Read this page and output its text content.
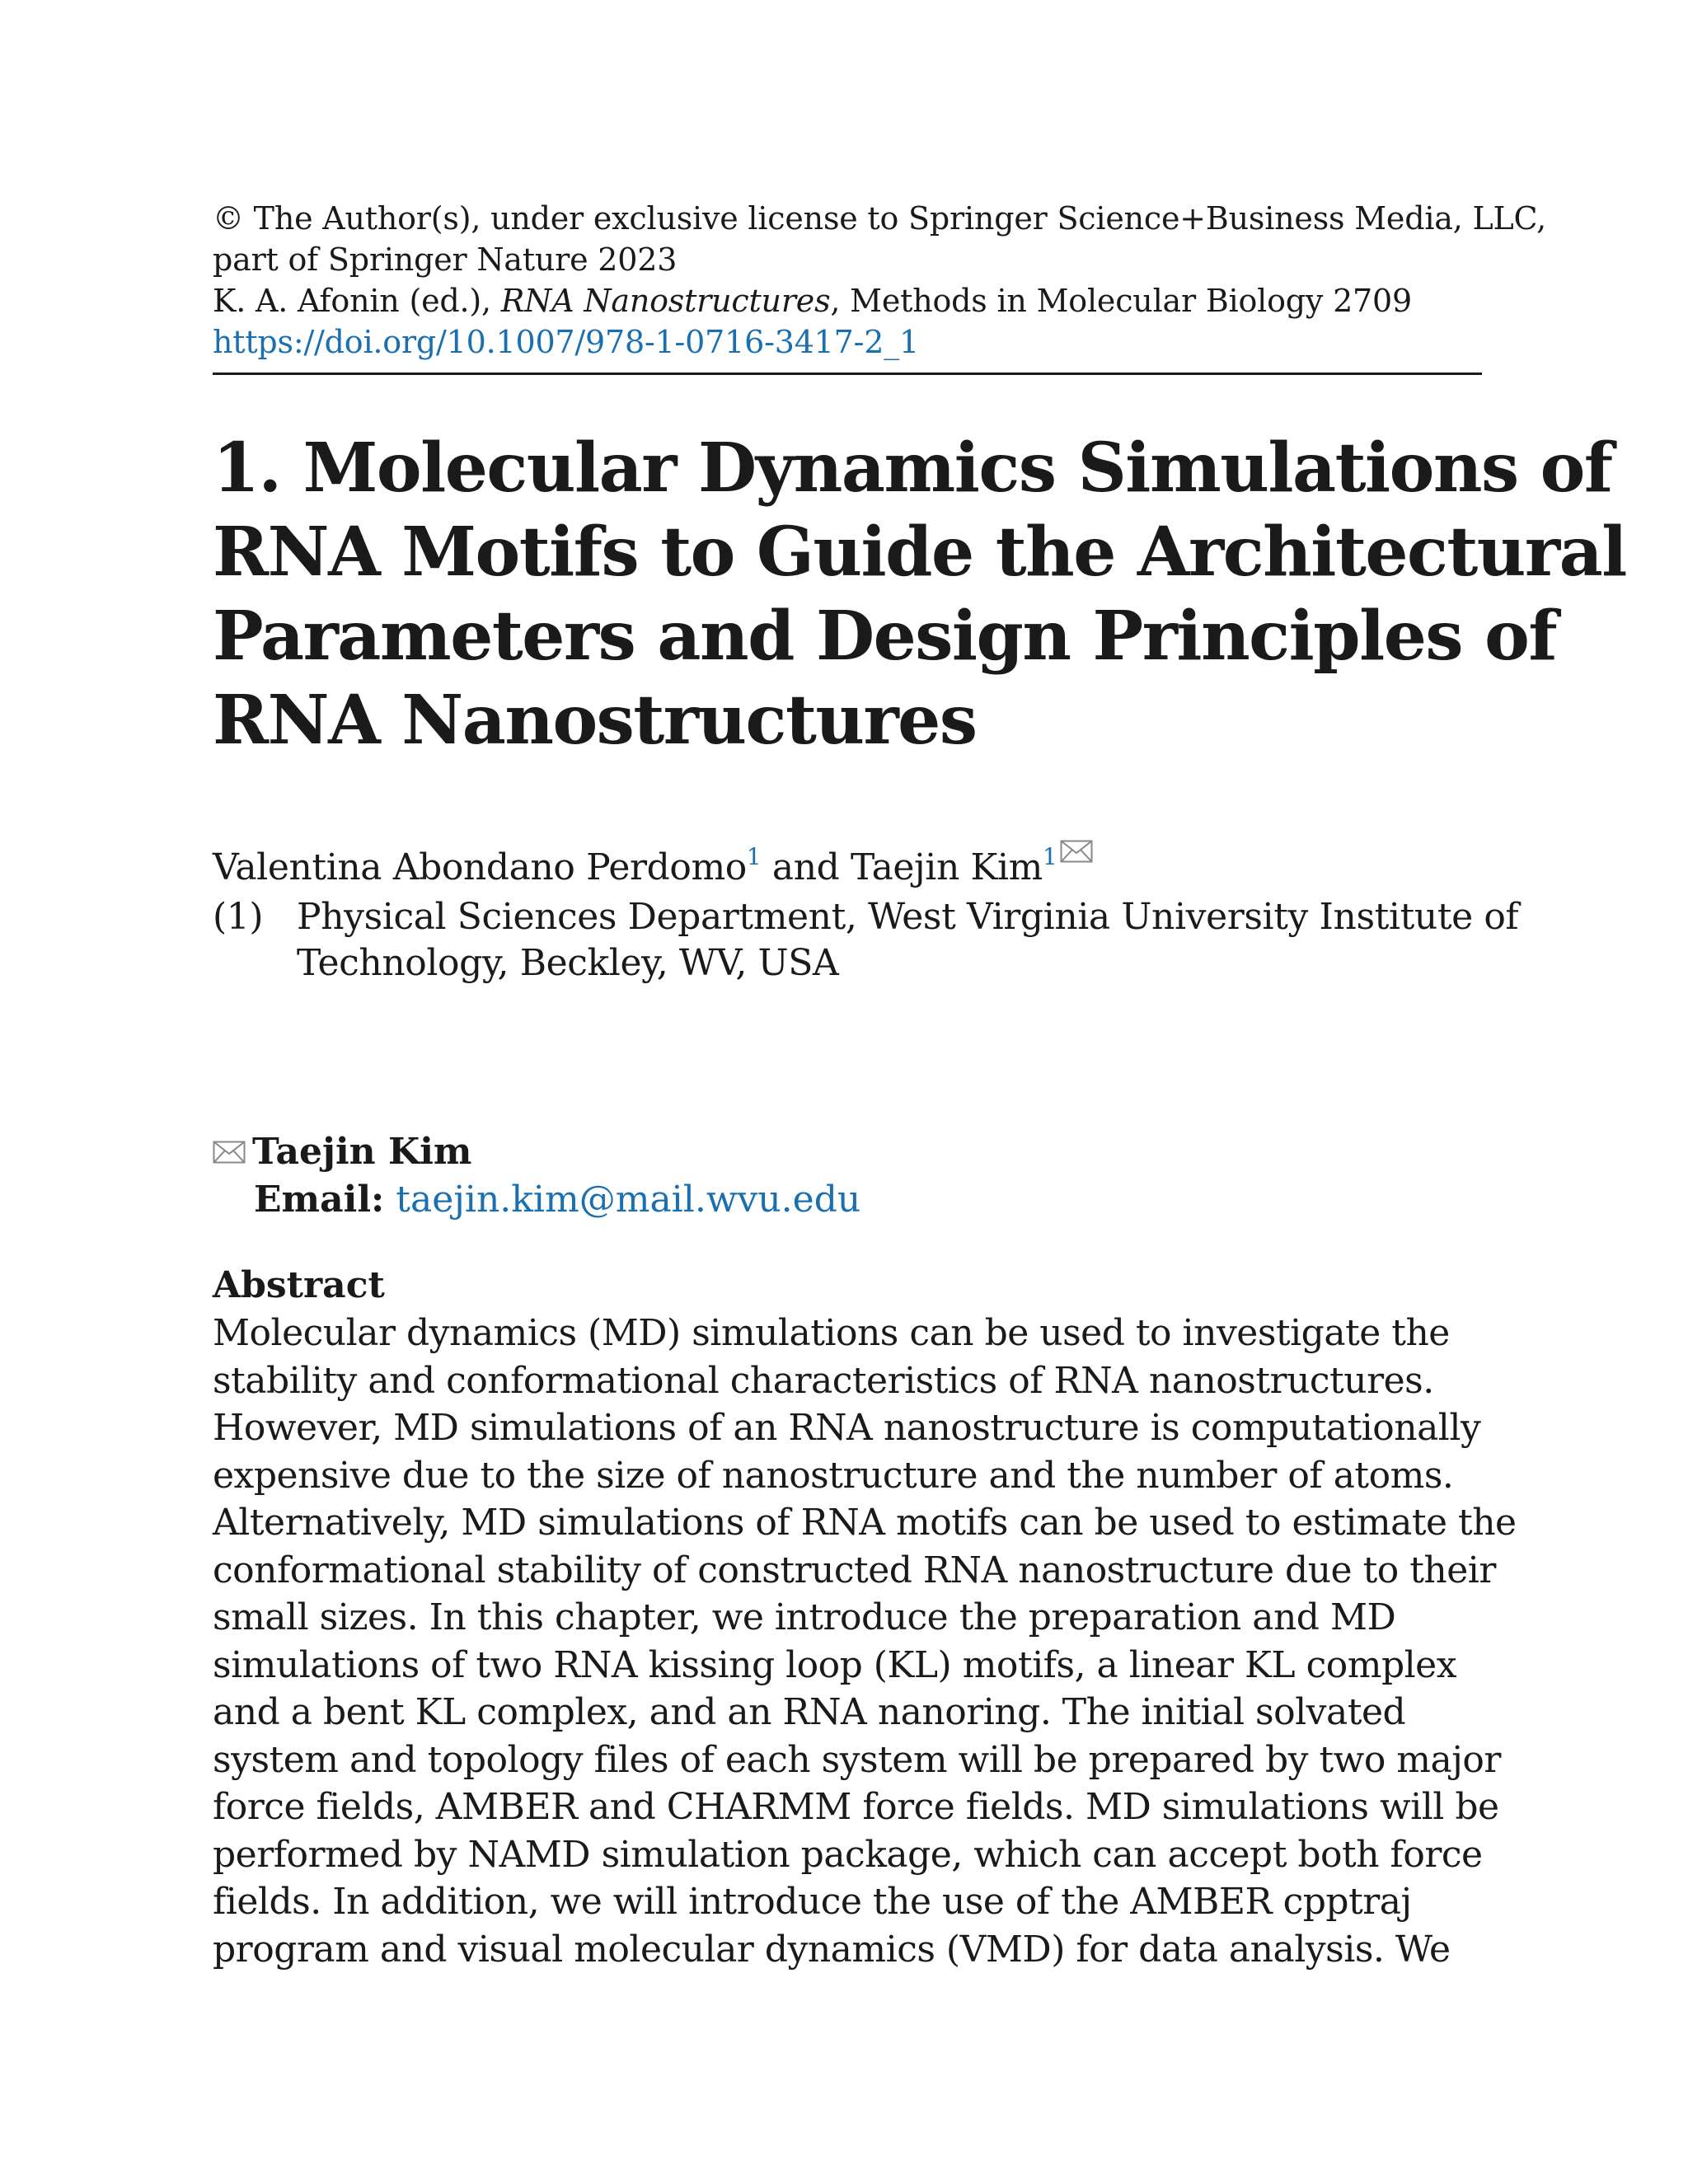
© The Author(s), under exclusive license to Springer Science+Business Media, LLC,
part of Springer Nature 2023
K. A. Afonin (ed.), RNA Nanostructures, Methods in Molecular Biology 2709
https://doi.org/10.1007/978-1-0716-3417-2_1
1. Molecular Dynamics Simulations of
RNA Motifs to Guide the Architectural
Parameters and Design Principles of
RNA Nanostructures
Valentina Abondano Perdomo$^1$ and Taejin Kim$^1$
(1) Physical Sciences Department, West Virginia University Institute of
Technology, Beckley, WV, USA
Taejin Kim
Email: taejin.kim@mail.wvu.edu
Abstract
Molecular dynamics (MD) simulations can be used to investigate the
stability and conformational characteristics of RNA nanostructures.
However, MD simulations of an RNA nanostructure is computationally
expensive due to the size of nanostructure and the number of atoms.
Alternatively, MD simulations of RNA motifs can be used to estimate the
conformational stability of constructed RNA nanostructure due to their
small sizes. In this chapter, we introduce the preparation and MD
simulations of two RNA kissing loop (KL) motifs, a linear KL complex
and a bent KL complex, and an RNA nanoring. The initial solvated
system and topology files of each system will be prepared by two major
force fields, AMBER and CHARMM force fields. MD simulations will be
performed by NAMD simulation package, which can accept both force
fields. In addition, we will introduce the use of the AMBER cpptraj
program and visual molecular dynamics (VMD) for data analysis. We
